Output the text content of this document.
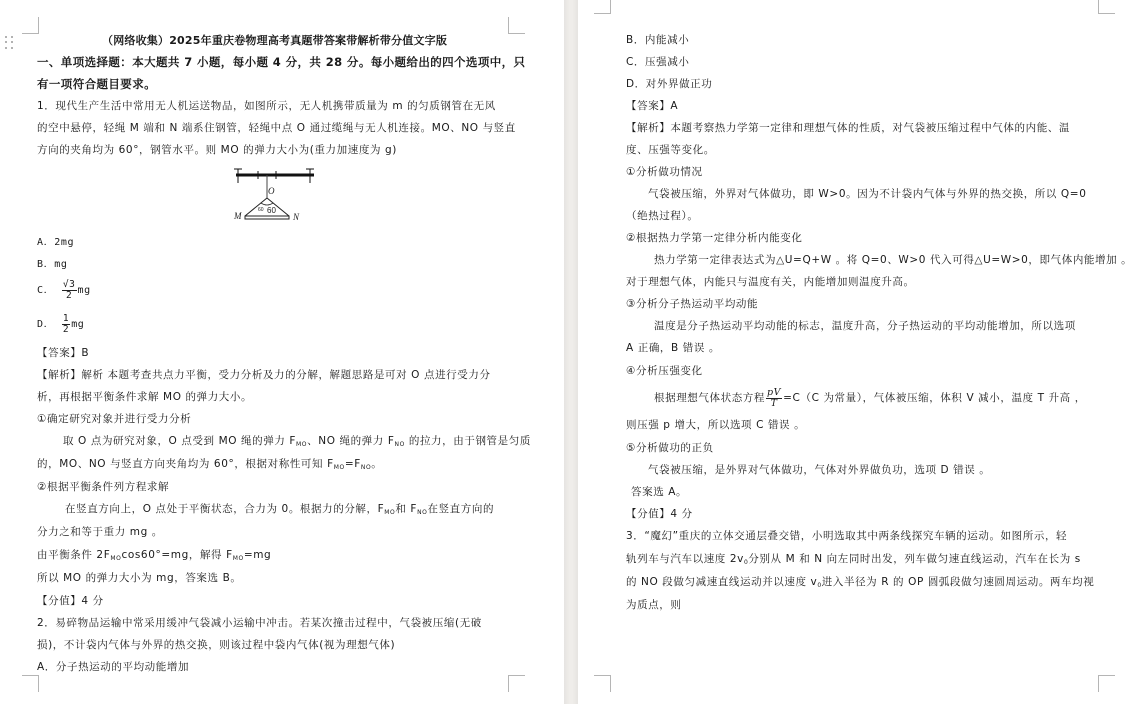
（网络收集）2025年重庆卷物理高考真题带答案带解析带分值文字版
一、单项选择题：本大题共 7 小题，每小题 4 分，共 28 分。每小题给出的四个选项中，只
有一项符合题目要求。
1．现代生产生活中常用无人机运送物品，如图所示，无人机携带质量为 m 的匀质钢管在无风
的空中悬停，轻绳 M 端和 N 端系住钢管，轻绳中点 O 通过缆绳与无人机连接。MO、NO 与竖直
方向的夹角均为 60°，钢管水平。则 MO 的弹力大小为(重力加速度为 g)
O
M	N
60 60
A．2mg
B．mg
C． $\frac{√3}{2}$ mg
D． $\frac{1}{2}$ mg
【答案】B
【解析】解析 本题考查共点力平衡，受力分析及力的分解，解题思路是可对 O 点进行受力分
析，再根据平衡条件求解 MO 的弹力大小。
①确定研究对象并进行受力分析
取 O 点为研究对象，O 点受到 MO 绳的弹力 $F_{MO}$、NO 绳的弹力 $F_{NO}$ 的拉力，由于钢管是匀质
的，MO、NO 与竖直方向夹角均为 60°，根据对称性可知 $F_{MO}=F_{NO}$。
②根据平衡条件列方程求解
在竖直方向上，O 点处于平衡状态，合力为 0。根据力的分解，$F_{MO}$和 $F_{NO}$在竖直方向的
分力之和等于重力 mg 。
由平衡条件 $2F_{MO}\cos 60^\circ=mg$，解得 $F_{MO}=mg$
所以 MO 的弹力大小为 mg，答案选 B。
【分值】4 分
2．易碎物品运输中常采用缓冲气袋减小运输中冲击。若某次撞击过程中，气袋被压缩(无破
损)，不计袋内气体与外界的热交换，则该过程中袋内气体(视为理想气体)
A．分子热运动的平均动能增加
B．内能减小
C．压强减小
D．对外界做正功
【答案】A
【解析】本题考察热力学第一定律和理想气体的性质，对气袋被压缩过程中气体的内能、温
度、压强等变化。
①分析做功情况
气袋被压缩，外界对气体做功，即 W>0。因为不计袋内气体与外界的热交换，所以 Q=0
（绝热过程）。
②根据热力学第一定律分析内能变化
热力学第一定律表达式为△U=Q+W 。将 Q=0、W>0 代入可得△U=W>0，即气体内能增加 。
对于理想气体，内能只与温度有关，内能增加则温度升高。
③分析分子热运动平均动能
温度是分子热运动平均动能的标志，温度升高，分子热运动的平均动能增加，所以选项
A 正确，B 错误 。
④分析压强变化
根据理想气体状态方程 $\frac{pV}{T} =C(C$ 为常量），气体被压缩，体积 V 减小，温度 T 升高 ，
则压强 p 增大，所以选项 C 错误 。
⑤分析做功的正负
气袋被压缩，是外界对气体做功，气体对外界做负功，选项 D 错误 。
答案选 A。
【分值】4 分
3．“魔幻”重庆的立体交通层叠交错，小明选取其中两条线探究车辆的运动。如图所示，轻
轨列车与汽车以速度 $2v_0$分别从 M 和 N 向左同时出发，列车做匀速直线运动，汽车在长为 s
的 NO 段做匀减速直线运动并以速度 $v_0$进入半径为 R 的 OP 圆弧段做匀速圆周运动。两车均视
为质点，则
